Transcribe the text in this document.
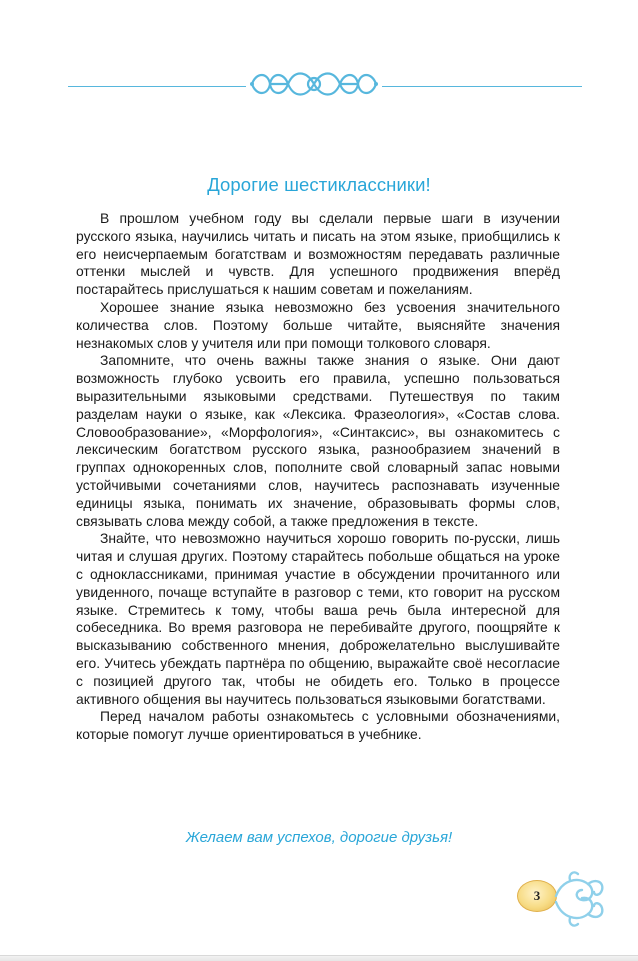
Дорогие шестиклассники!

В прошлом учебном году вы сделали первые шаги в изучении русского языка, научились читать и писать на этом языке, приобщились к его неисчерпаемым богатствам и возможностям передавать различные оттенки мыслей и чувств. Для успешного продвижения вперёд постарайтесь прислушаться к нашим советам и пожеланиям.

Хорошее знание языка невозможно без усвоения значительного количества слов. Поэтому больше читайте, выясняйте значения незнакомых слов у учителя или при помощи толкового словаря.

Запомните, что очень важны также знания о языке. Они дают возможность глубоко усвоить его правила, успешно пользоваться выразительными языковыми средствами. Путешествуя по таким разделам науки о языке, как «Лексика. Фразеология», «Состав слова. Словообразование», «Морфология», «Синтаксис», вы ознакомитесь с лексическим богатством русского языка, разнообразием значений в группах однокоренных слов, пополните свой словарный запас новыми устойчивыми сочетаниями слов, научитесь распознавать изученные единицы языка, понимать их значение, образовывать формы слов, связывать слова между собой, а также предложения в тексте.

Знайте, что невозможно научиться хорошо говорить по-русски, лишь читая и слушая других. Поэтому старайтесь побольше общаться на уроке с одноклассниками, принимая участие в обсуждении прочитанного или увиденного, почаще вступайте в разговор с теми, кто говорит на русском языке. Стремитесь к тому, чтобы ваша речь была интересной для собеседника. Во время разговора не перебивайте другого, поощряйте к высказыванию собственного мнения, доброжелательно выслушивайте его. Учитесь убеждать партнёра по общению, выражайте своё несогласие с позицией другого так, чтобы не обидеть его. Только в процессе активного общения вы научитесь пользоваться языковыми богатствами.

Перед началом работы ознакомьтесь с условными обозначениями, которые помогут лучше ориентироваться в учебнике.

Желаем вам успехов, дорогие друзья!
3
